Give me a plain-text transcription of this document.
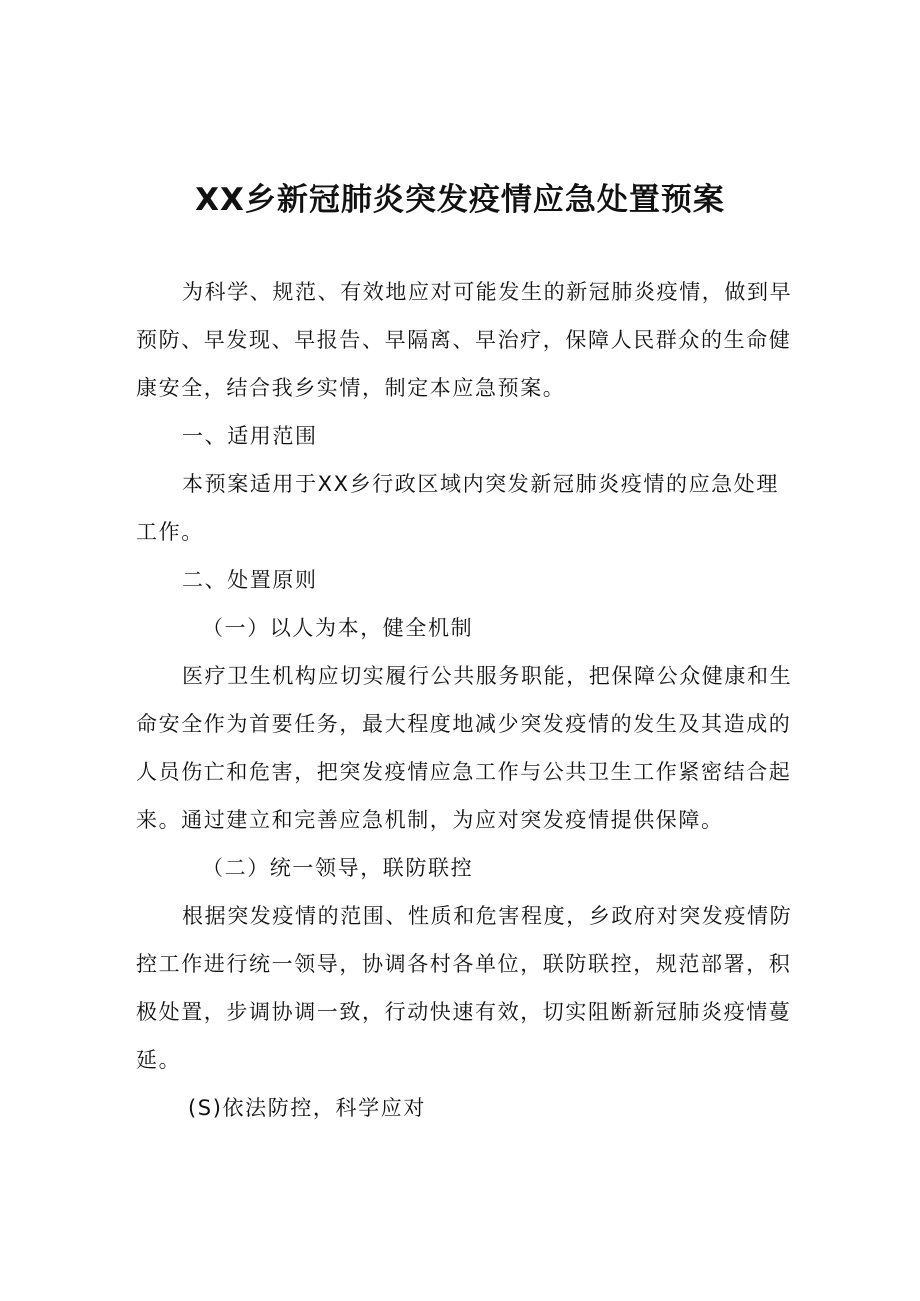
XX乡新冠肺炎突发疫情应急处置预案

为科学、规范、有效地应对可能发生的新冠肺炎疫情，做到早预防、早发现、早报告、早隔离、早治疗，保障人民群众的生命健康安全，结合我乡实情，制定本应急预案。

一、适用范围

本预案适用于XX乡行政区域内突发新冠肺炎疫情的应急处理工作。

二、处置原则

（一）以人为本，健全机制

医疗卫生机构应切实履行公共服务职能，把保障公众健康和生命安全作为首要任务，最大程度地减少突发疫情的发生及其造成的人员伤亡和危害，把突发疫情应急工作与公共卫生工作紧密结合起来。通过建立和完善应急机制，为应对突发疫情提供保障。

（二）统一领导，联防联控

根据突发疫情的范围、性质和危害程度，乡政府对突发疫情防控工作进行统一领导，协调各村各单位，联防联控，规范部署，积极处置，步调协调一致，行动快速有效，切实阻断新冠肺炎疫情蔓延。

(S)依法防控，科学应对
